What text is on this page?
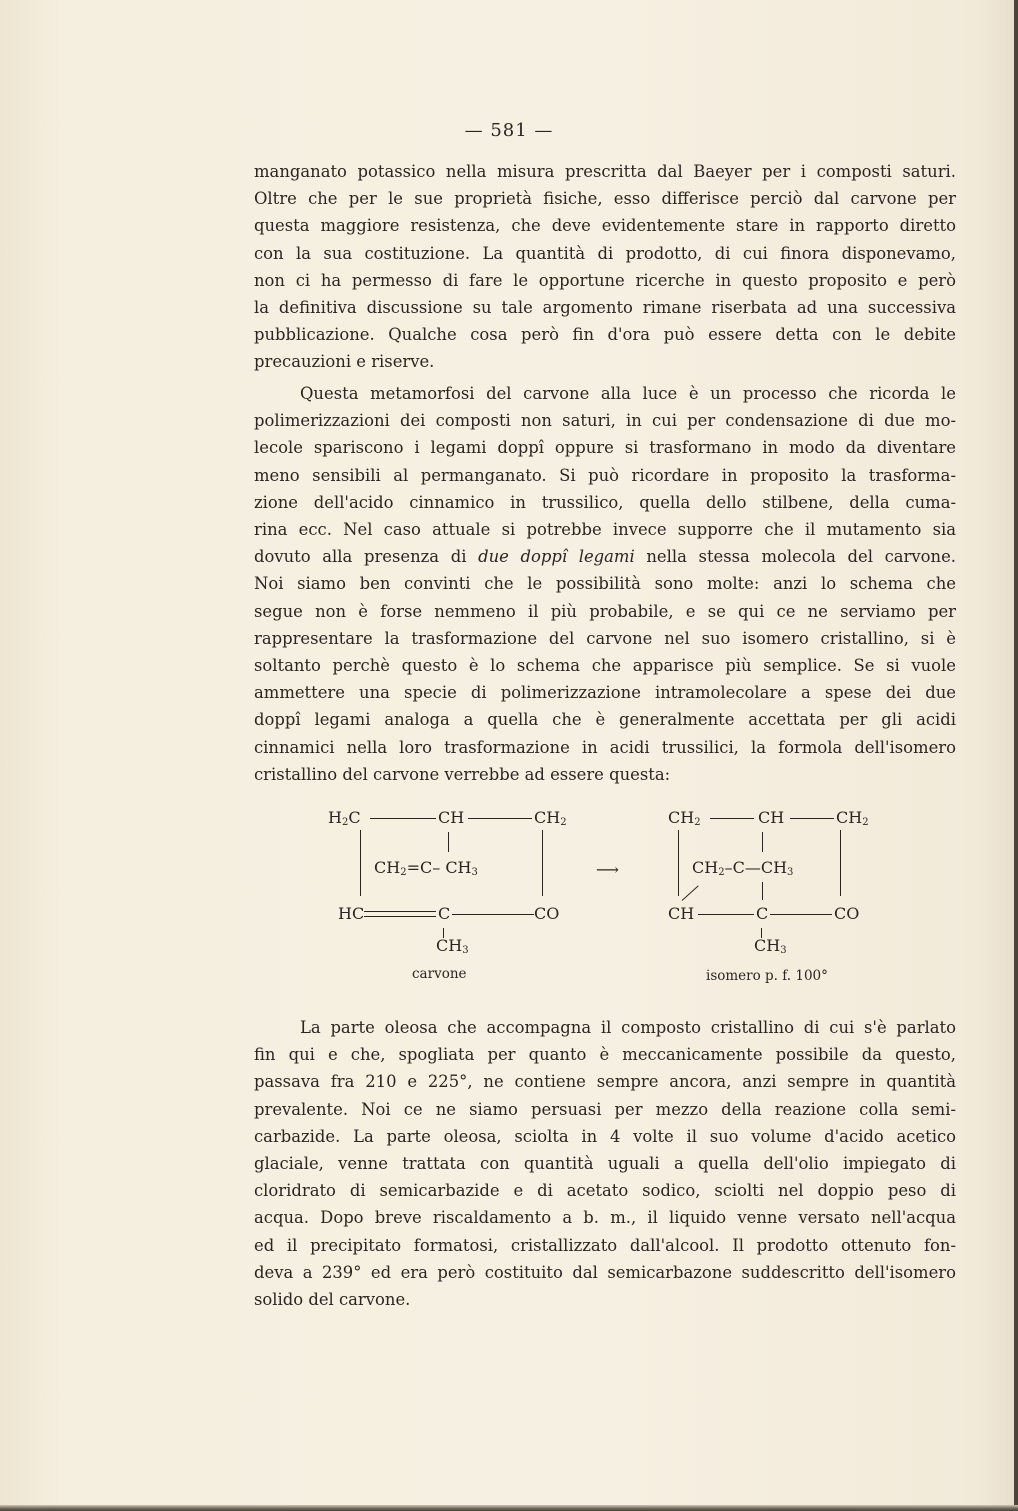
— 581 —
manganato potassico nella misura prescritta dal Baeyer per i composti saturi.
Oltre che per le sue proprietà fisiche, esso differisce perciò dal carvone per
questa maggiore resistenza, che deve evidentemente stare in rapporto diretto
con la sua costituzione. La quantità di prodotto, di cui finora disponevamo,
non ci ha permesso di fare le opportune ricerche in questo proposito e però
la definitiva discussione su tale argomento rimane riserbata ad una successiva
pubblicazione. Qualche cosa però fin d'ora può essere detta con le debite
precauzioni e riserve.
Questa metamorfosi del carvone alla luce è un processo che ricorda le
polimerizzazioni dei composti non saturi, in cui per condensazione di due mo-
lecole spariscono i legami doppî oppure si trasformano in modo da diventare
meno sensibili al permanganato. Si può ricordare in proposito la trasforma-
zione dell'acido cinnamico in trussilico, quella dello stilbene, della cuma-
rina ecc. Nel caso attuale si potrebbe invece supporre che il mutamento sia
dovuto alla presenza di due doppî legami nella stessa molecola del carvone.
Noi siamo ben convinti che le possibilità sono molte: anzi lo schema che
segue non è forse nemmeno il più probabile, e se qui ce ne serviamo per
rappresentare la trasformazione del carvone nel suo isomero cristallino, si è
soltanto perchè questo è lo schema che apparisce più semplice. Se si vuole
ammettere una specie di polimerizzazione intramolecolare a spese dei due
doppî legami analoga a quella che è generalmente accettata per gli acidi
cinnamici nella loro trasformazione in acidi trussilici, la formola dell'isomero
cristallino del carvone verrebbe ad essere questa:
$H_2C$	CH	$CH_2$
$CH_2=C-$ $CH_3$
HC	C	CO
$CH_3$
carvone
⟶
$CH_2$	CH	$CH_2$
$CH_2-C—CH_3$
CH	C	CO
$CH_3$
isomero p. f. 100°
La parte oleosa che accompagna il composto cristallino di cui s'è parlato
fin qui e che, spogliata per quanto è meccanicamente possibile da questo,
passava fra 210 e 225°, ne contiene sempre ancora, anzi sempre in quantità
prevalente. Noi ce ne siamo persuasi per mezzo della reazione colla semi-
carbazide. La parte oleosa, sciolta in 4 volte il suo volume d'acido acetico
glaciale, venne trattata con quantità uguali a quella dell'olio impiegato di
cloridrato di semicarbazide e di acetato sodico, sciolti nel doppio peso di
acqua. Dopo breve riscaldamento a b. m., il liquido venne versato nell'acqua
ed il precipitato formatosi, cristallizzato dall'alcool. Il prodotto ottenuto fon-
deva a 239° ed era però costituito dal semicarbazone suddescritto dell'isomero
solido del carvone.
